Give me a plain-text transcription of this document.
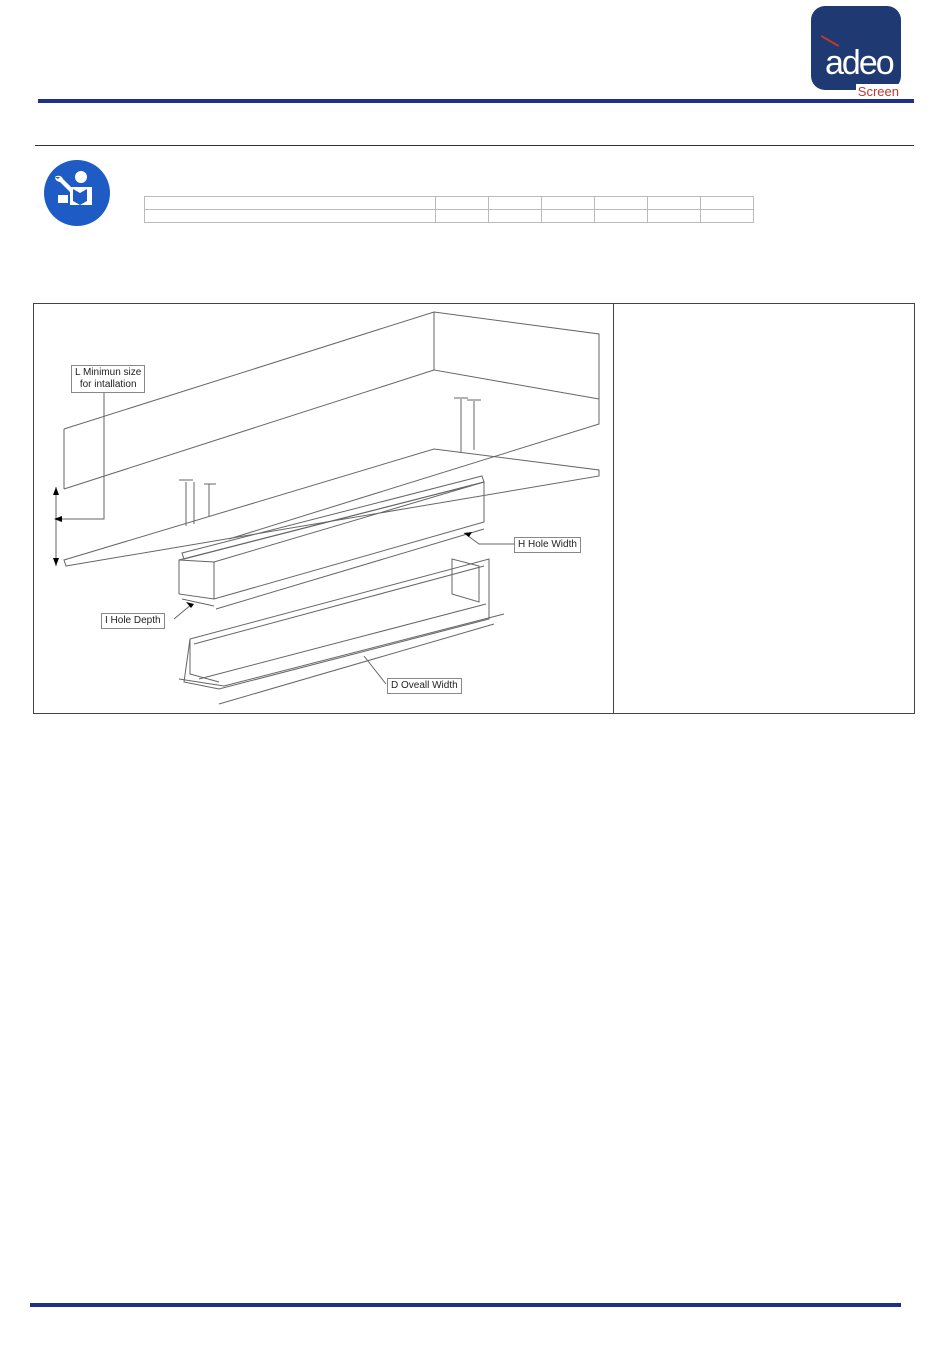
adeo
Screen

L Minimun size
for intallation
H Hole Width
I Hole Depth
D Oveall Width
